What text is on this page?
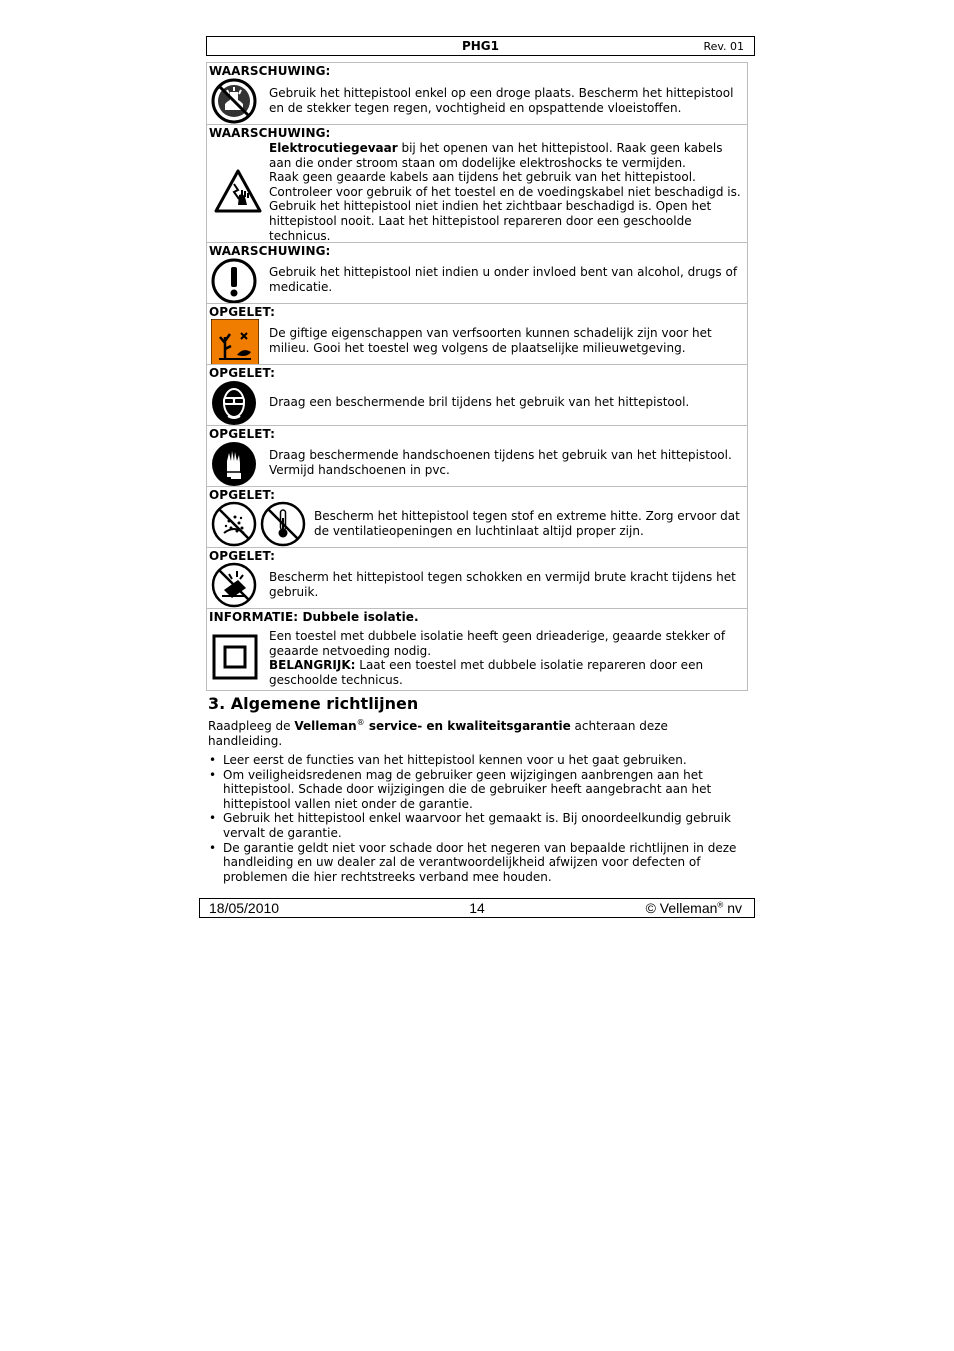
PHG1	Rev. 01
WAARSCHUWING:
Gebruik het hittepistool enkel op een droge plaats. Bescherm het hittepistool en de stekker tegen regen, vochtigheid en opspattende vloeistoffen.
WAARSCHUWING:
Elektrocutiegevaar bij het openen van het hittepistool. Raak geen kabels aan die onder stroom staan om dodelijke elektroshocks te vermijden.
Raak geen geaarde kabels aan tijdens het gebruik van het hittepistool. Controleer voor gebruik of het toestel en de voedingskabel niet beschadigd is. Gebruik het hittepistool niet indien het zichtbaar beschadigd is. Open het hittepistool nooit. Laat het hittepistool repareren door een geschoolde technicus.
WAARSCHUWING:
Gebruik het hittepistool niet indien u onder invloed bent van alcohol, drugs of medicatie.
OPGELET:
De giftige eigenschappen van verfsoorten kunnen schadelijk zijn voor het milieu. Gooi het toestel weg volgens de plaatselijke milieuwetgeving.
OPGELET:
Draag een beschermende bril tijdens het gebruik van het hittepistool.
OPGELET:
Draag beschermende handschoenen tijdens het gebruik van het hittepistool. Vermijd handschoenen in pvc.
OPGELET:
Bescherm het hittepistool tegen stof en extreme hitte. Zorg ervoor dat de ventilatieopeningen en luchtinlaat altijd proper zijn.
OPGELET:
Bescherm het hittepistool tegen schokken en vermijd brute kracht tijdens het gebruik.
INFORMATIE: Dubbele isolatie.
Een toestel met dubbele isolatie heeft geen drieaderige, geaarde stekker of geaarde netvoeding nodig.
BELANGRIJK: Laat een toestel met dubbele isolatie repareren door een geschoolde technicus.
3. Algemene richtlijnen
Raadpleeg de Velleman® service- en kwaliteitsgarantie achteraan deze handleiding.
• Leer eerst de functies van het hittepistool kennen voor u het gaat gebruiken.
• Om veiligheidsredenen mag de gebruiker geen wijzigingen aanbrengen aan het hittepistool. Schade door wijzigingen die de gebruiker heeft aangebracht aan het hittepistool vallen niet onder de garantie.
• Gebruik het hittepistool enkel waarvoor het gemaakt is. Bij onoordeelkundig gebruik vervalt de garantie.
• De garantie geldt niet voor schade door het negeren van bepaalde richtlijnen in deze handleiding en uw dealer zal de verantwoordelijkheid afwijzen voor defecten of problemen die hier rechtstreeks verband mee houden.
18/05/2010	14	© Velleman® nv
